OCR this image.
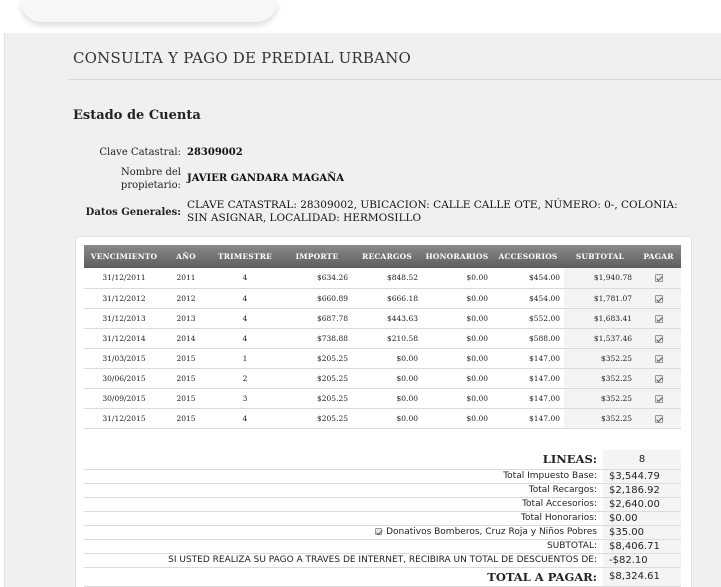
CONSULTA Y PAGO DE PREDIAL URBANO
Estado de Cuenta
Clave Catastral: 28309002
Nombre del
propietario:
JAVIER GANDARA MAGAÑA
Datos Generales:
CLAVE CATASTRAL: 28309002, UBICACION: CALLE CALLE OTE, NÚMERO: 0-, COLONIA: SIN ASIGNAR, LOCALIDAD: HERMOSILLO
VENCIMIENTO	AÑO	TRIMESTRE	IMPORTE	RECARGOS	HONORARIOS	ACCESORIOS	SUBTOTAL	PAGAR
31/12/2011	2011	4	$634.26	$848.52	$0.00	$454.00	$1,940.78	
31/12/2012	2012	4	$660.89	$666.18	$0.00	$454.00	$1,781.07	
31/12/2013	2013	4	$687.78	$443.63	$0.00	$552.00	$1,683.41	
31/12/2014	2014	4	$738.88	$210.58	$0.00	$588.00	$1,537.46	
31/03/2015	2015	1	$205.25	$0.00	$0.00	$147.00	$352.25	
30/06/2015	2015	2	$205.25	$0.00	$0.00	$147.00	$352.25	
30/09/2015	2015	3	$205.25	$0.00	$0.00	$147.00	$352.25	
31/12/2015	2015	4	$205.25	$0.00	$0.00	$147.00	$352.25	
LINEAS:	8
Total Impuesto Base:	$3,544.79
Total Recargos:	$2,186.92
Total Accesorios:	$2,640.00
Total Honorarios:	$0.00
Donativos Bomberos, Cruz Roja y Niños Pobres	$35.00
SUBTOTAL:	$8,406.71
SI USTED REALIZA SU PAGO A TRAVES DE INTERNET, RECIBIRA UN TOTAL DE DESCUENTOS DE:	-$82.10
TOTAL A PAGAR:	$8,324.61
